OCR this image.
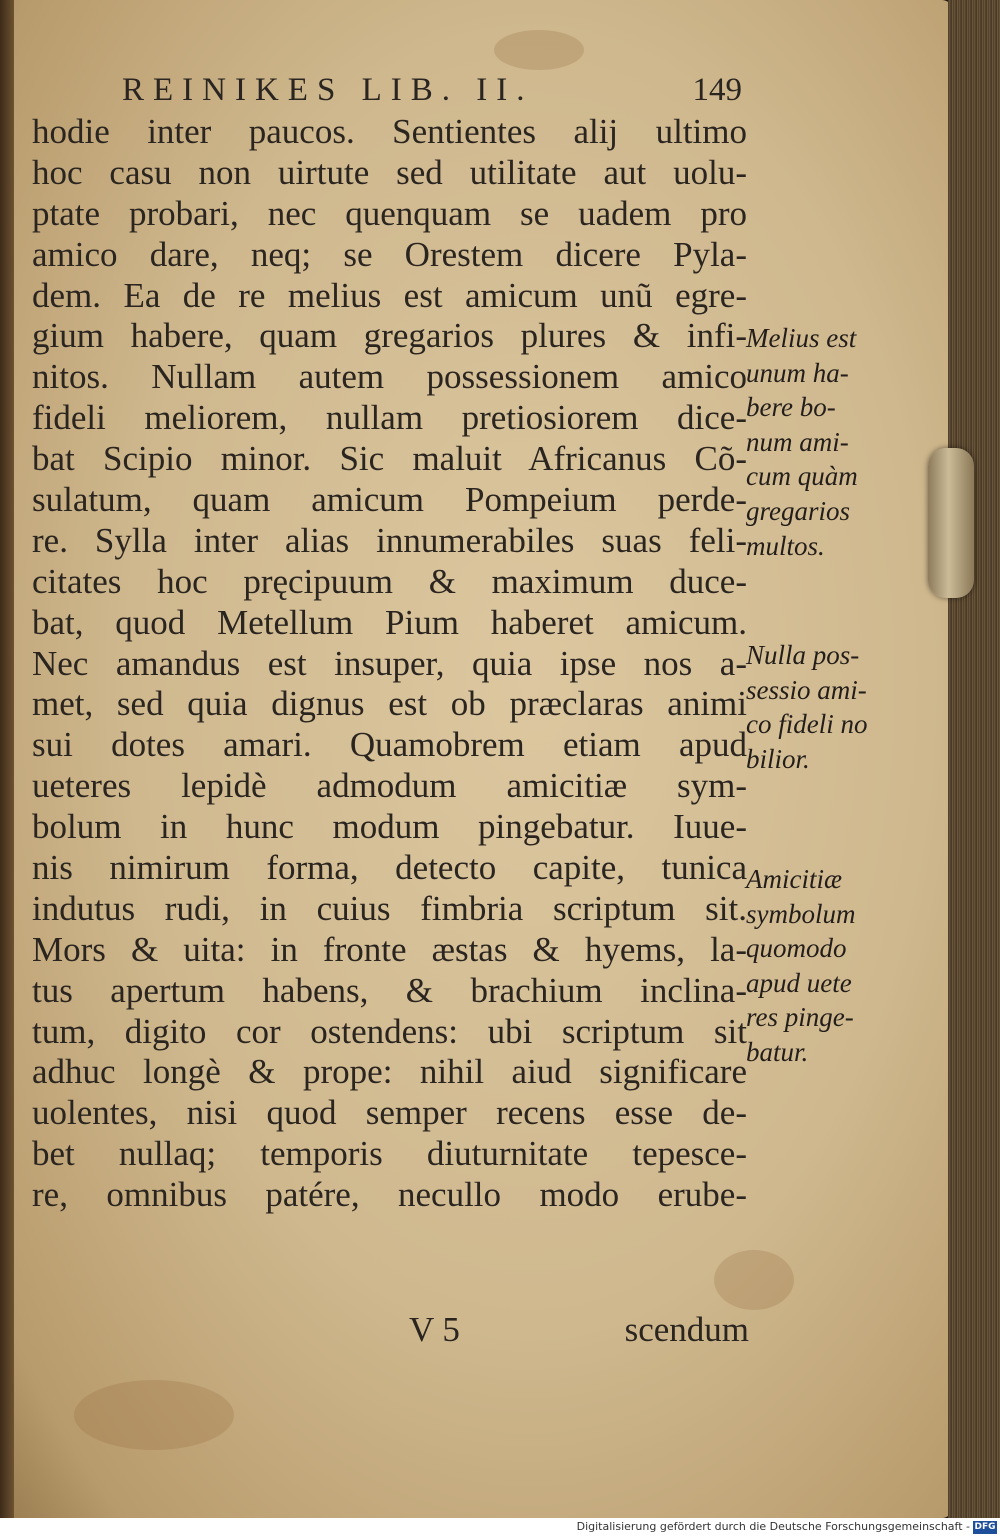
REINIKES LIB. II.	149
hodie inter paucos. Sentientes alij ultimo
hoc casu non uirtute sed utilitate aut uolu-
ptate probari, nec quenquam se uadem pro
amico dare, neq; se Orestem dicere Pyla-
dem. Ea de re melius est amicum unũ egre-
gium habere, quam gregarios plures & infi-
nitos. Nullam autem possessionem amico
fideli meliorem, nullam pretiosiorem dice-
bat Scipio minor. Sic maluit Africanus Cõ-
sulatum, quam amicum Pompeium perde-
re. Sylla inter alias innumerabiles suas feli-
citates hoc pręcipuum & maximum duce-
bat, quod Metellum Pium haberet amicum.
Nec amandus est insuper, quia ipse nos a-
met, sed quia dignus est ob præclaras animi
sui dotes amari. Quamobrem etiam apud
ueteres lepidè admodum amicitiæ sym-
bolum in hunc modum pingebatur. Iuue-
nis nimirum forma, detecto capite, tunica
indutus rudi, in cuius fimbria scriptum sit.
Mors & uita: in fronte æstas & hyems, la-
tus apertum habens, & brachium inclina-
tum, digito cor ostendens: ubi scriptum sit
adhuc longè & prope: nihil aiud significare
uolentes, nisi quod semper recens esse de-
bet nullaq; temporis diuturnitate tepesce-
re, omnibus patére, necullo modo erube-
Melius est
unum ha-
bere bo-
num ami-
cum quàm
gregarios
multos.
Nulla pos-
sessio ami-
co fideli no
bilior.
Amicitiæ
symbolum
quomodo
apud uete
res pinge-
batur.
V 5	scendum
Digitalisierung gefördert durch die Deutsche Forschungsgemeinschaft - DFG
